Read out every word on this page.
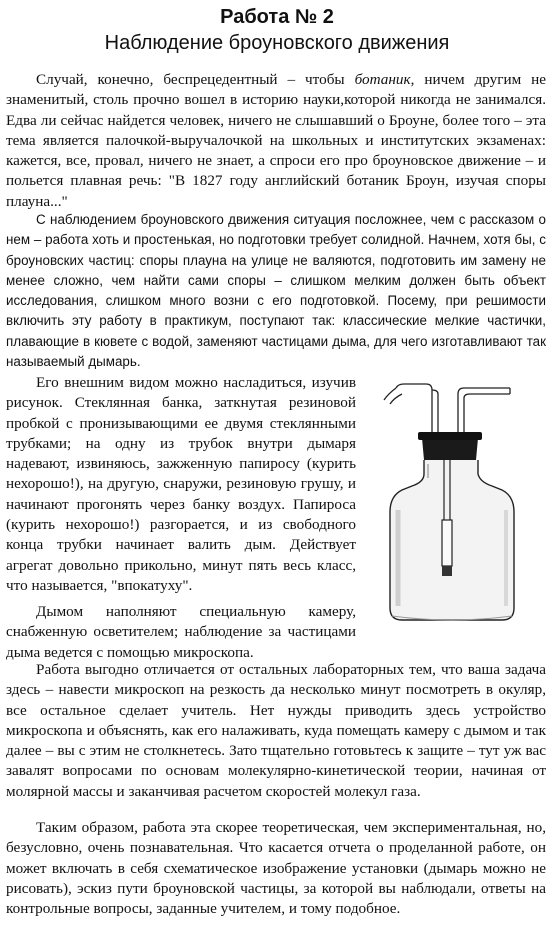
Работа № 2
Наблюдение броуновского движения

Случай, конечно, беспрецедентный – чтобы ботаник, ничем другим не знаменитый, столь прочно вошел в историю науки,которой никогда не занимался. Едва ли сейчас найдется человек, ничего не слышавший о Броуне, более того – эта тема является палочкой-выручалочкой на школьных и институтских экзаменах: кажется, все, провал, ничего не знает, а спроси его про броуновское движение – и польется плавная речь: "В 1827 году английский ботаник Броун, изучая споры плауна..."

С наблюдением броуновского движения ситуация посложнее, чем с рассказом о нем – работа хоть и простенькая, но подготовки требует солидной. Начнем, хотя бы, с броуновских частиц: споры плауна на улице не валяются, подготовить им замену не менее сложно, чем найти сами споры – слишком мелким должен быть объект исследования, слишком много возни с его подготовкой. Посему, при решимости включить эту работу в практикум, поступают так: классические мелкие частички, плавающие в кювете с водой, заменяют частицами дыма, для чего изготавливают так называемый дымарь.

Его внешним видом можно насладиться, изучив рисунок. Стеклянная банка, заткнутая резиновой пробкой с пронизывающими ее двумя стеклянными трубками; на одну из трубок внутри дымаря надевают, извиняюсь, зажженную папиросу (курить нехорошо!), на другую, снаружи, резиновую грушу, и начинают прогонять через банку воздух. Папироса (курить нехорошо!) разгорается, и из свободного конца трубки начинает валить дым. Действует агрегат довольно прикольно, минут пять весь класс, что называется, "впокатуху".

Дымом наполняют специальную камеру, снабженную осветителем; наблюдение за частицами дыма ведется с помощью микроскопа.

Работа выгодно отличается от остальных лабораторных тем, что ваша задача здесь – навести микроскоп на резкость да несколько минут посмотреть в окуляр, все остальное сделает учитель. Нет нужды приводить здесь устройство микроскопа и объяснять, как его налаживать, куда помещать камеру с дымом и так далее – вы с этим не столкнетесь. Зато тщательно готовьтесь к защите – тут уж вас завалят вопросами по основам молекулярно-кинетической теории, начиная от молярной массы и заканчивая расчетом скоростей молекул газа.

Таким образом, работа эта скорее теоретическая, чем экспериментальная, но, безусловно, очень познавательная. Что касается отчета о проделанной работе, он может включать в себя схематическое изображение установки (дымарь можно не рисовать), эскиз пути броуновской частицы, за которой вы наблюдали, ответы на контрольные вопросы, заданные учителем, и тому подобное.
